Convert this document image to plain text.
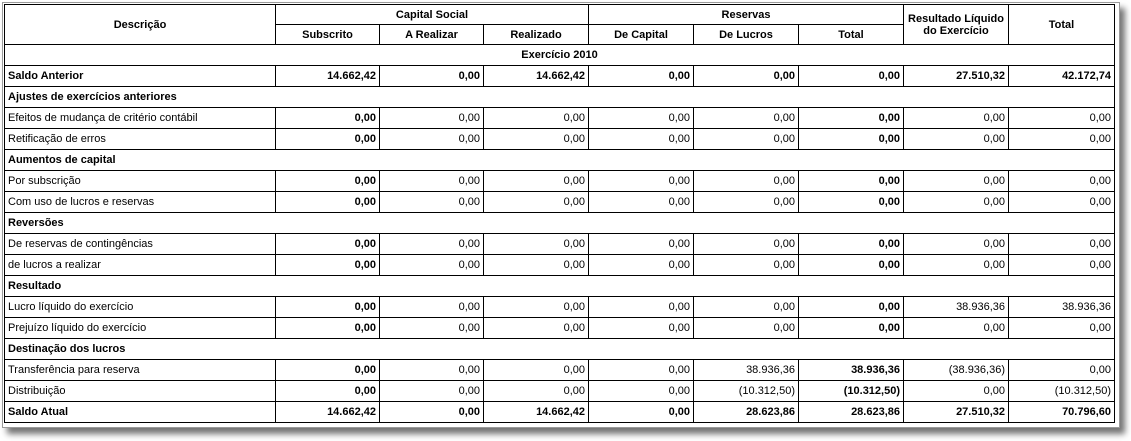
Descrição	Capital Social			Reservas			Resultado Líquido do Exercício	Total
	Subscrito	A Realizar	Realizado	De Capital	De Lucros	Total		
Exercício 2010								
Saldo Anterior	14.662,42	0,00	14.662,42	0,00	0,00	0,00	27.510,32	42.172,74
Ajustes de exercícios anteriores								
Efeitos de mudança de critério contábil	0,00	0,00	0,00	0,00	0,00	0,00	0,00	0,00
Retificação de erros	0,00	0,00	0,00	0,00	0,00	0,00	0,00	0,00
Aumentos de capital								
Por subscrição	0,00	0,00	0,00	0,00	0,00	0,00	0,00	0,00
Com uso de lucros e reservas	0,00	0,00	0,00	0,00	0,00	0,00	0,00	0,00
Reversões								
De reservas de contingências	0,00	0,00	0,00	0,00	0,00	0,00	0,00	0,00
de lucros a realizar	0,00	0,00	0,00	0,00	0,00	0,00	0,00	0,00
Resultado								
Lucro líquido do exercício	0,00	0,00	0,00	0,00	0,00	0,00	38.936,36	38.936,36
Prejuízo líquido do exercício	0,00	0,00	0,00	0,00	0,00	0,00	0,00	0,00
Destinação dos lucros								
Transferência para reserva	0,00	0,00	0,00	0,00	38.936,36	38.936,36	(38.936,36)	0,00
Distribuição	0,00	0,00	0,00	0,00	(10.312,50)	(10.312,50)	0,00	(10.312,50)
Saldo Atual	14.662,42	0,00	14.662,42	0,00	28.623,86	28.623,86	27.510,32	70.796,60
